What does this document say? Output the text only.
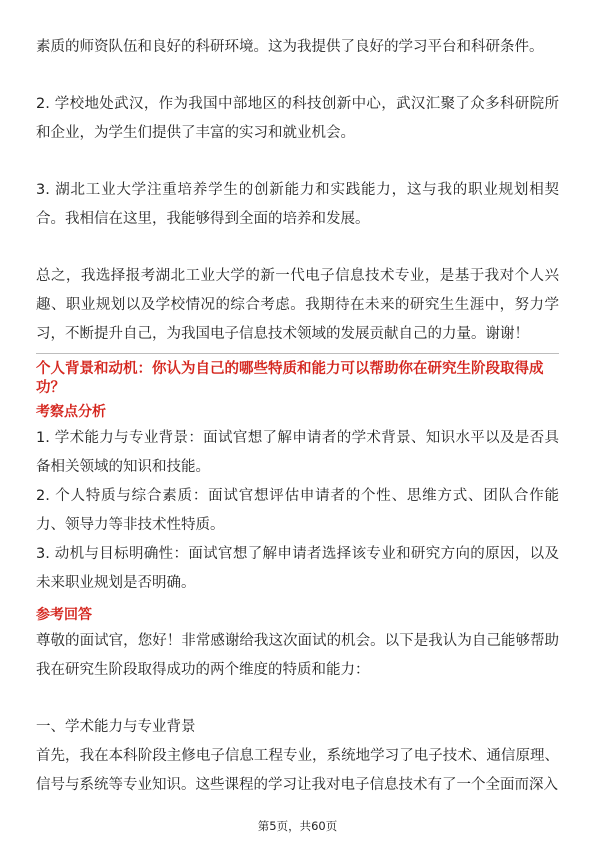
素质的师资队伍和良好的科研环境。这为我提供了良好的学习平台和科研条件。

2. 学校地处武汉，作为我国中部地区的科技创新中心，武汉汇聚了众多科研院所和企业，为学生们提供了丰富的实习和就业机会。

3. 湖北工业大学注重培养学生的创新能力和实践能力，这与我的职业规划相契合。我相信在这里，我能够得到全面的培养和发展。

总之，我选择报考湖北工业大学的新一代电子信息技术专业，是基于我对个人兴趣、职业规划以及学校情况的综合考虑。我期待在未来的研究生生涯中，努力学习，不断提升自己，为我国电子信息技术领域的发展贡献自己的力量。谢谢！

个人背景和动机：你认为自己的哪些特质和能力可以帮助你在研究生阶段取得成功？

考察点分析

1. 学术能力与专业背景：面试官想了解申请者的学术背景、知识水平以及是否具备相关领域的知识和技能。

2. 个人特质与综合素质：面试官想评估申请者的个性、思维方式、团队合作能力、领导力等非技术性特质。

3. 动机与目标明确性：面试官想了解申请者选择该专业和研究方向的原因，以及未来职业规划是否明确。

参考回答

尊敬的面试官，您好！非常感谢给我这次面试的机会。以下是我认为自己能够帮助我在研究生阶段取得成功的两个维度的特质和能力：

一、学术能力与专业背景

首先，我在本科阶段主修电子信息工程专业，系统地学习了电子技术、通信原理、信号与系统等专业知识。这些课程的学习让我对电子信息技术有了一个全面而深入

第5页，共60页
